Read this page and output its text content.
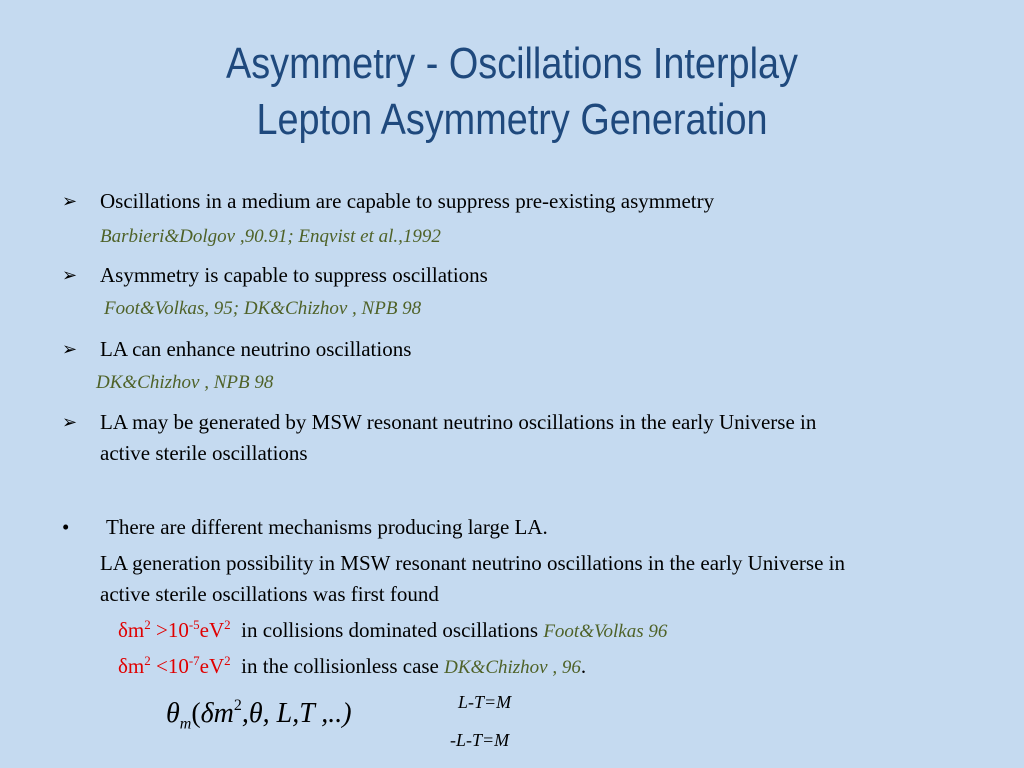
Asymmetry - Oscillations Interplay
Lepton Asymmetry Generation
➢ Oscillations in a medium are capable to suppress pre-existing asymmetry
Barbieri&Dolgov ,90.91; Enqvist et al.,1992
➢ Asymmetry is capable to suppress oscillations
Foot&Volkas, 95; DK&Chizhov , NPB 98
➢ LA can enhance neutrino oscillations
DK&Chizhov , NPB 98
➢ LA may be generated by MSW resonant neutrino oscillations in the early Universe in
active sterile oscillations
• There are different mechanisms producing large LA.
LA generation possibility in MSW resonant neutrino oscillations in the early Universe in
active sterile oscillations was first found
$\delta m^2 >10^{-5}eV^2$  in collisions dominated oscillations Foot&Volkas 96
$\delta m^2 <10^{-7}eV^2$  in the collisionless case DK&Chizhov , 96.
$\theta_m(\delta m^2,\theta$, L,T ,..)	L-T=M
-L-T=M
